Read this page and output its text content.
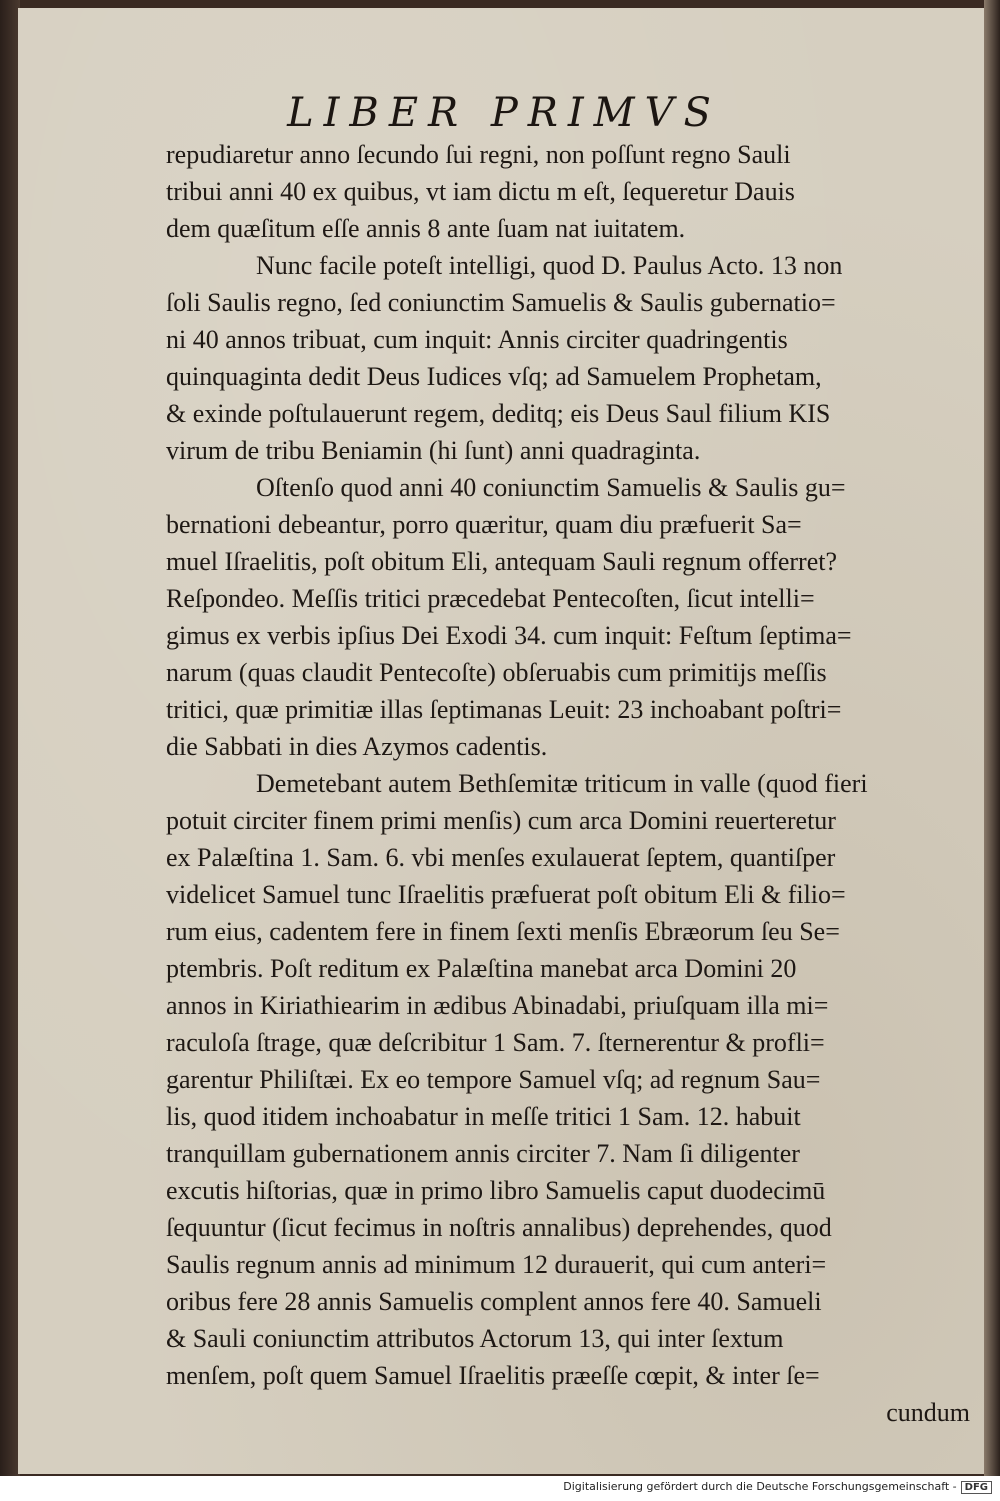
LIBER PRIMVS
repudiaretur anno ſecundo ſui regni, non poſſunt regno Sauli
tribui anni 40 ex quibus, vt iam dictu m eſt, ſequeretur Dauis
dem quæſitum eſſe annis 8 ante ſuam nat iuitatem.
Nunc facile poteſt intelligi, quod D. Paulus Acto. 13 non
ſoli Saulis regno, ſed coniunctim Samuelis & Saulis gubernatio=
ni 40 annos tribuat, cum inquit: Annis circiter quadringentis
quinquaginta dedit Deus Iudices vſq; ad Samuelem Prophetam,
& exinde poſtulauerunt regem, deditq; eis Deus Saul filium KIS
virum de tribu Beniamin (hi ſunt) anni quadraginta.
Oſtenſo quod anni 40 coniunctim Samuelis & Saulis gu=
bernationi debeantur, porro quæritur, quam diu præfuerit Sa=
muel Iſraelitis, poſt obitum Eli, antequam Sauli regnum offerret?
Reſpondeo. Meſſis tritici præcedebat Pentecoſten, ſicut intelli=
gimus ex verbis ipſius Dei Exodi 34. cum inquit: Feſtum ſeptima=
narum (quas claudit Pentecoſte) obſeruabis cum primitijs meſſis
tritici, quæ primitiæ illas ſeptimanas Leuit: 23 inchoabant poſtri=
die Sabbati in dies Azymos cadentis.
Demetebant autem Bethſemitæ triticum in valle (quod fieri
potuit circiter finem primi menſis) cum arca Domini reuerteretur
ex Palæſtina 1. Sam. 6. vbi menſes exulauerat ſeptem, quantiſper
videlicet Samuel tunc Iſraelitis præfuerat poſt obitum Eli & filio=
rum eius, cadentem fere in finem ſexti menſis Ebræorum ſeu Se=
ptembris. Poſt reditum ex Palæſtina manebat arca Domini 20
annos in Kiriathiearim in ædibus Abinadabi, priuſquam illa mi=
raculoſa ſtrage, quæ deſcribitur 1 Sam. 7. ſternerentur & profli=
garentur Philiſtæi. Ex eo tempore Samuel vſq; ad regnum Sau=
lis, quod itidem inchoabatur in meſſe tritici 1 Sam. 12. habuit
tranquillam gubernationem annis circiter 7. Nam ſi diligenter
excutis hiſtorias, quæ in primo libro Samuelis caput duodecimū
ſequuntur (ſicut fecimus in noſtris annalibus) deprehendes, quod
Saulis regnum annis ad minimum 12 durauerit, qui cum anteri=
oribus fere 28 annis Samuelis complent annos fere 40. Samueli
& Sauli coniunctim attributos Actorum 13, qui inter ſextum
menſem, poſt quem Samuel Iſraelitis præeſſe cœpit, & inter ſe=
cundum
Digitalisierung gefördert durch die Deutsche Forschungsgemeinschaft - DFG
